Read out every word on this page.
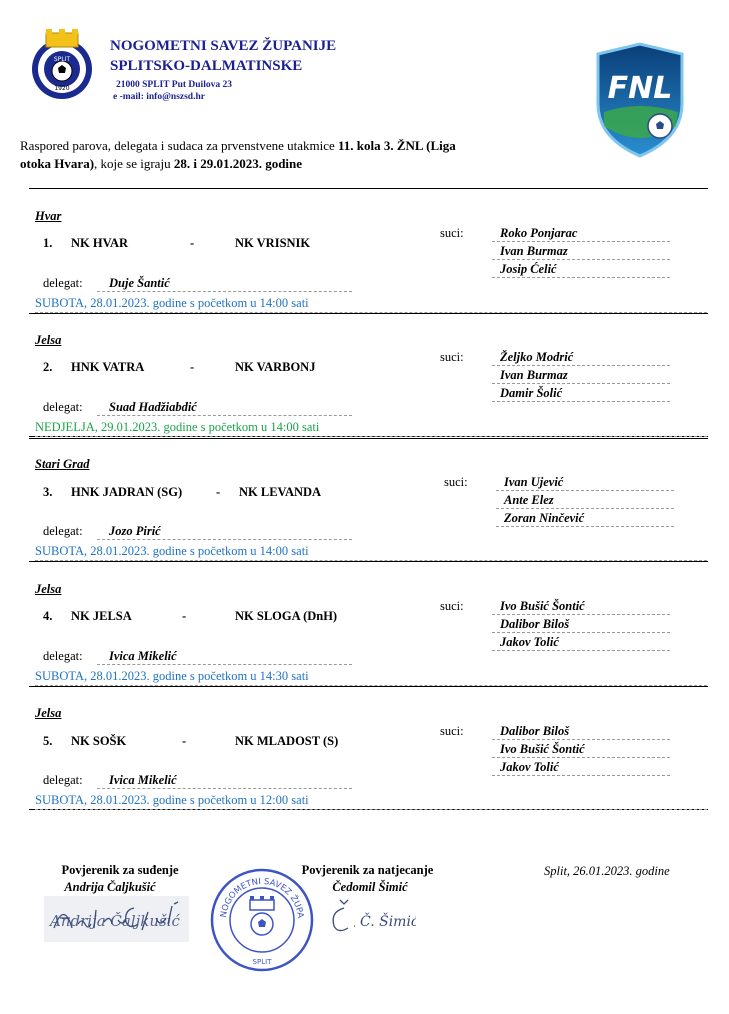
SPLIT
1920
NOGOMETNI SAVEZ ŽUPANIJE
SPLITSKO-DALMATINSKE
21000 SPLIT Put Duilova 23
e -mail: info@nszsd.hr	FNL
Raspored parova, delegata i sudaca za prvenstvene utakmice 11. kola 3. ŽNL (Liga
otoka Hvara), koje se igraju 28. i 29.01.2023. godine
Hvar
1. NK HVAR	-	NK VRISNIK
suci:	Roko Ponjarac
Ivan Burmaz
Josip Ćelić
delegat:	Duje Šantić
SUBOTA, 28.01.2023. godine s početkom u 14:00 sati
Jelsa
2. HNK VATRA	-	NK VARBONJ
suci:	Željko Modrić
Ivan Burmaz
Damir Šolić
delegat:	Suad Hadžiabdić
NEDJELJA, 29.01.2023. godine s početkom u 14:00 sati
Stari Grad
3. HNK JADRAN (SG)	- NK LEVANDA
suci:	Ivan Ujević
Ante Elez
Zoran Ninčević
delegat:	Jozo Pirić
SUBOTA, 28.01.2023. godine s početkom u 14:00 sati
Jelsa
4. NK JELSA	-	NK SLOGA (DnH)
suci:	Ivo Bušić Šontić
Dalibor Biloš
Jakov Tolić
delegat:	Ivica Mikelić
SUBOTA, 28.01.2023. godine s početkom u 14:30 sati
Jelsa
5. NK SOŠK	-	NK MLADOST (S)
suci:	Dalibor Biloš
Ivo Bušić Šontić
Jakov Tolić
delegat:	Ivica Mikelić
SUBOTA, 28.01.2023. godine s početkom u 12:00 sati
Povjerenik za suđenje
Andrija Čaljkušić
Andrija Čaljkušić	NOGOMETNI SAVEZ ŽUPA
SPLIT
Povjerenik za natjecanje
Čedomil Šimić
Č. Šimić
Split, 26.01.2023. godine
